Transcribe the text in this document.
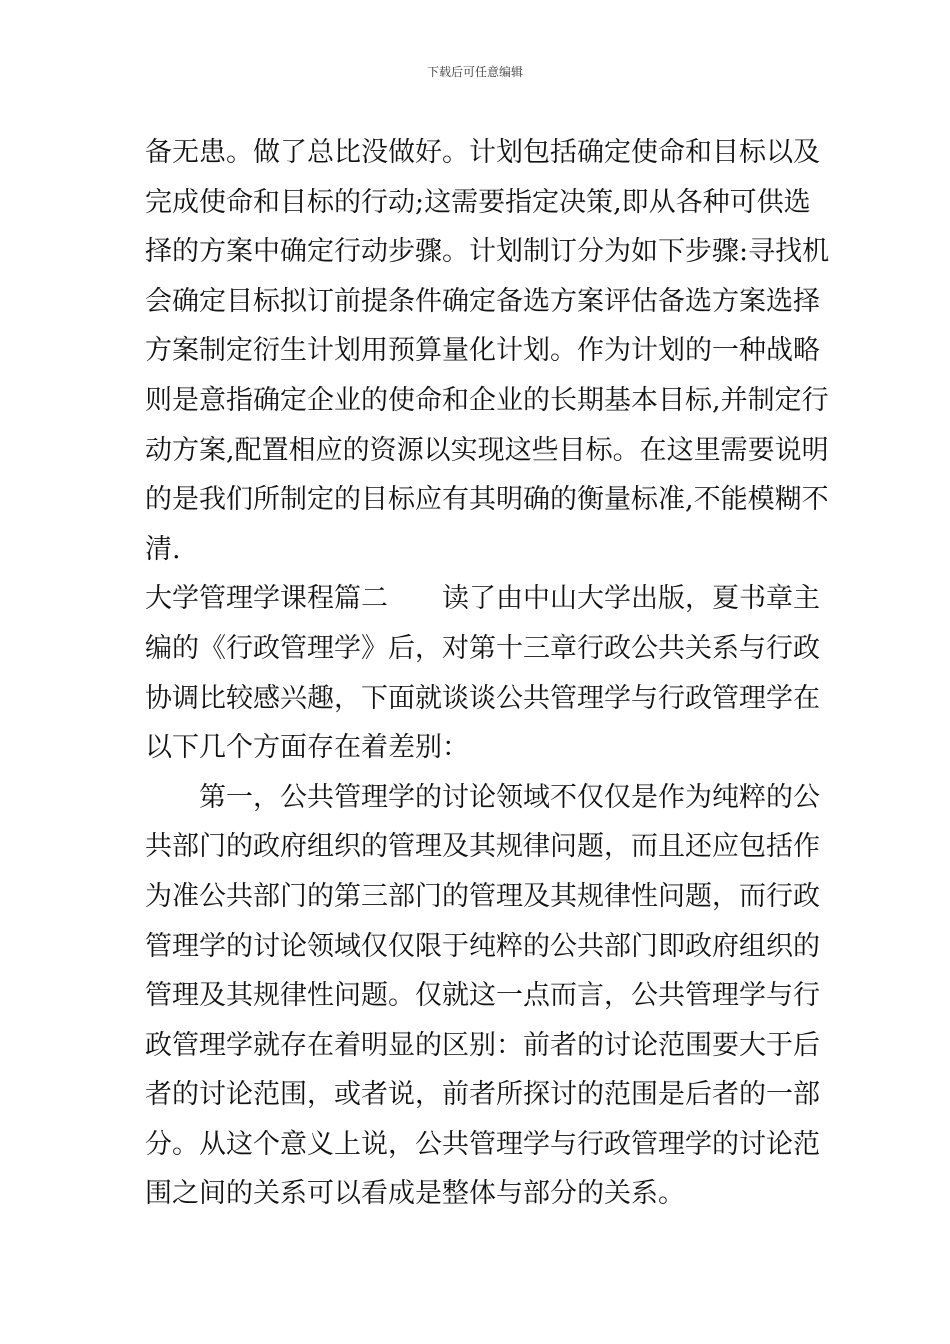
下载后可任意编辑
备无患。做了总比没做好。计划包括确定使命和目标以及
完成使命和目标的行动;这需要指定决策,即从各种可供选
择的方案中确定行动步骤。计划制订分为如下步骤:寻找机
会确定目标拟订前提条件确定备选方案评估备选方案选择
方案制定衍生计划用预算量化计划。作为计划的一种战略
则是意指确定企业的使命和企业的长期基本目标,并制定行
动方案,配置相应的资源以实现这些目标。在这里需要说明
的是我们所制定的目标应有其明确的衡量标准,不能模糊不
清.
大学管理学课程篇二　　读了由中山大学出版，夏书章主
编的《行政管理学》后，对第十三章行政公共关系与行政
协调比较感兴趣，下面就谈谈公共管理学与行政管理学在
以下几个方面存在着差别：
第一，公共管理学的讨论领域不仅仅是作为纯粹的公
共部门的政府组织的管理及其规律问题，而且还应包括作
为准公共部门的第三部门的管理及其规律性问题，而行政
管理学的讨论领域仅仅限于纯粹的公共部门即政府组织的
管理及其规律性问题。仅就这一点而言，公共管理学与行
政管理学就存在着明显的区别：前者的讨论范围要大于后
者的讨论范围，或者说，前者所探讨的范围是后者的一部
分。从这个意义上说，公共管理学与行政管理学的讨论范
围之间的关系可以看成是整体与部分的关系。
